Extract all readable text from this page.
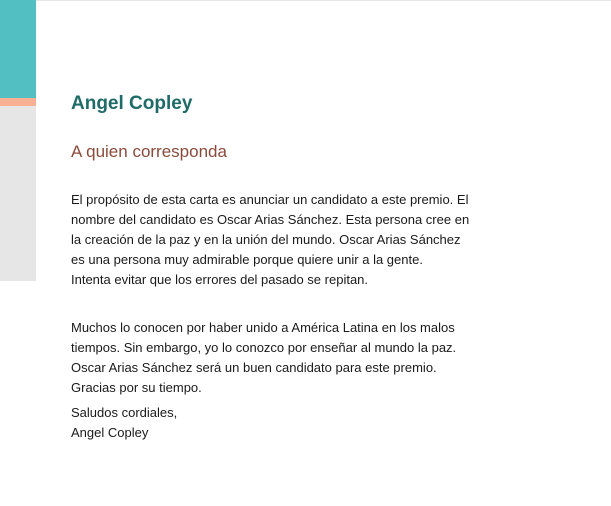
Angel Copley
A quien corresponda

El propósito de esta carta es anunciar un candidato a este premio. El
nombre del candidato es Oscar Arias Sánchez. Esta persona cree en
la creación de la paz y en la unión del mundo. Oscar Arias Sánchez
es una persona muy admirable porque quiere unir a la gente.
Intenta evitar que los errores del pasado se repitan.

Muchos lo conocen por haber unido a América Latina en los malos
tiempos. Sin embargo, yo lo conozco por enseñar al mundo la paz.
Oscar Arias Sánchez será un buen candidato para este premio.
Gracias por su tiempo.

Saludos cordiales,
Angel Copley
